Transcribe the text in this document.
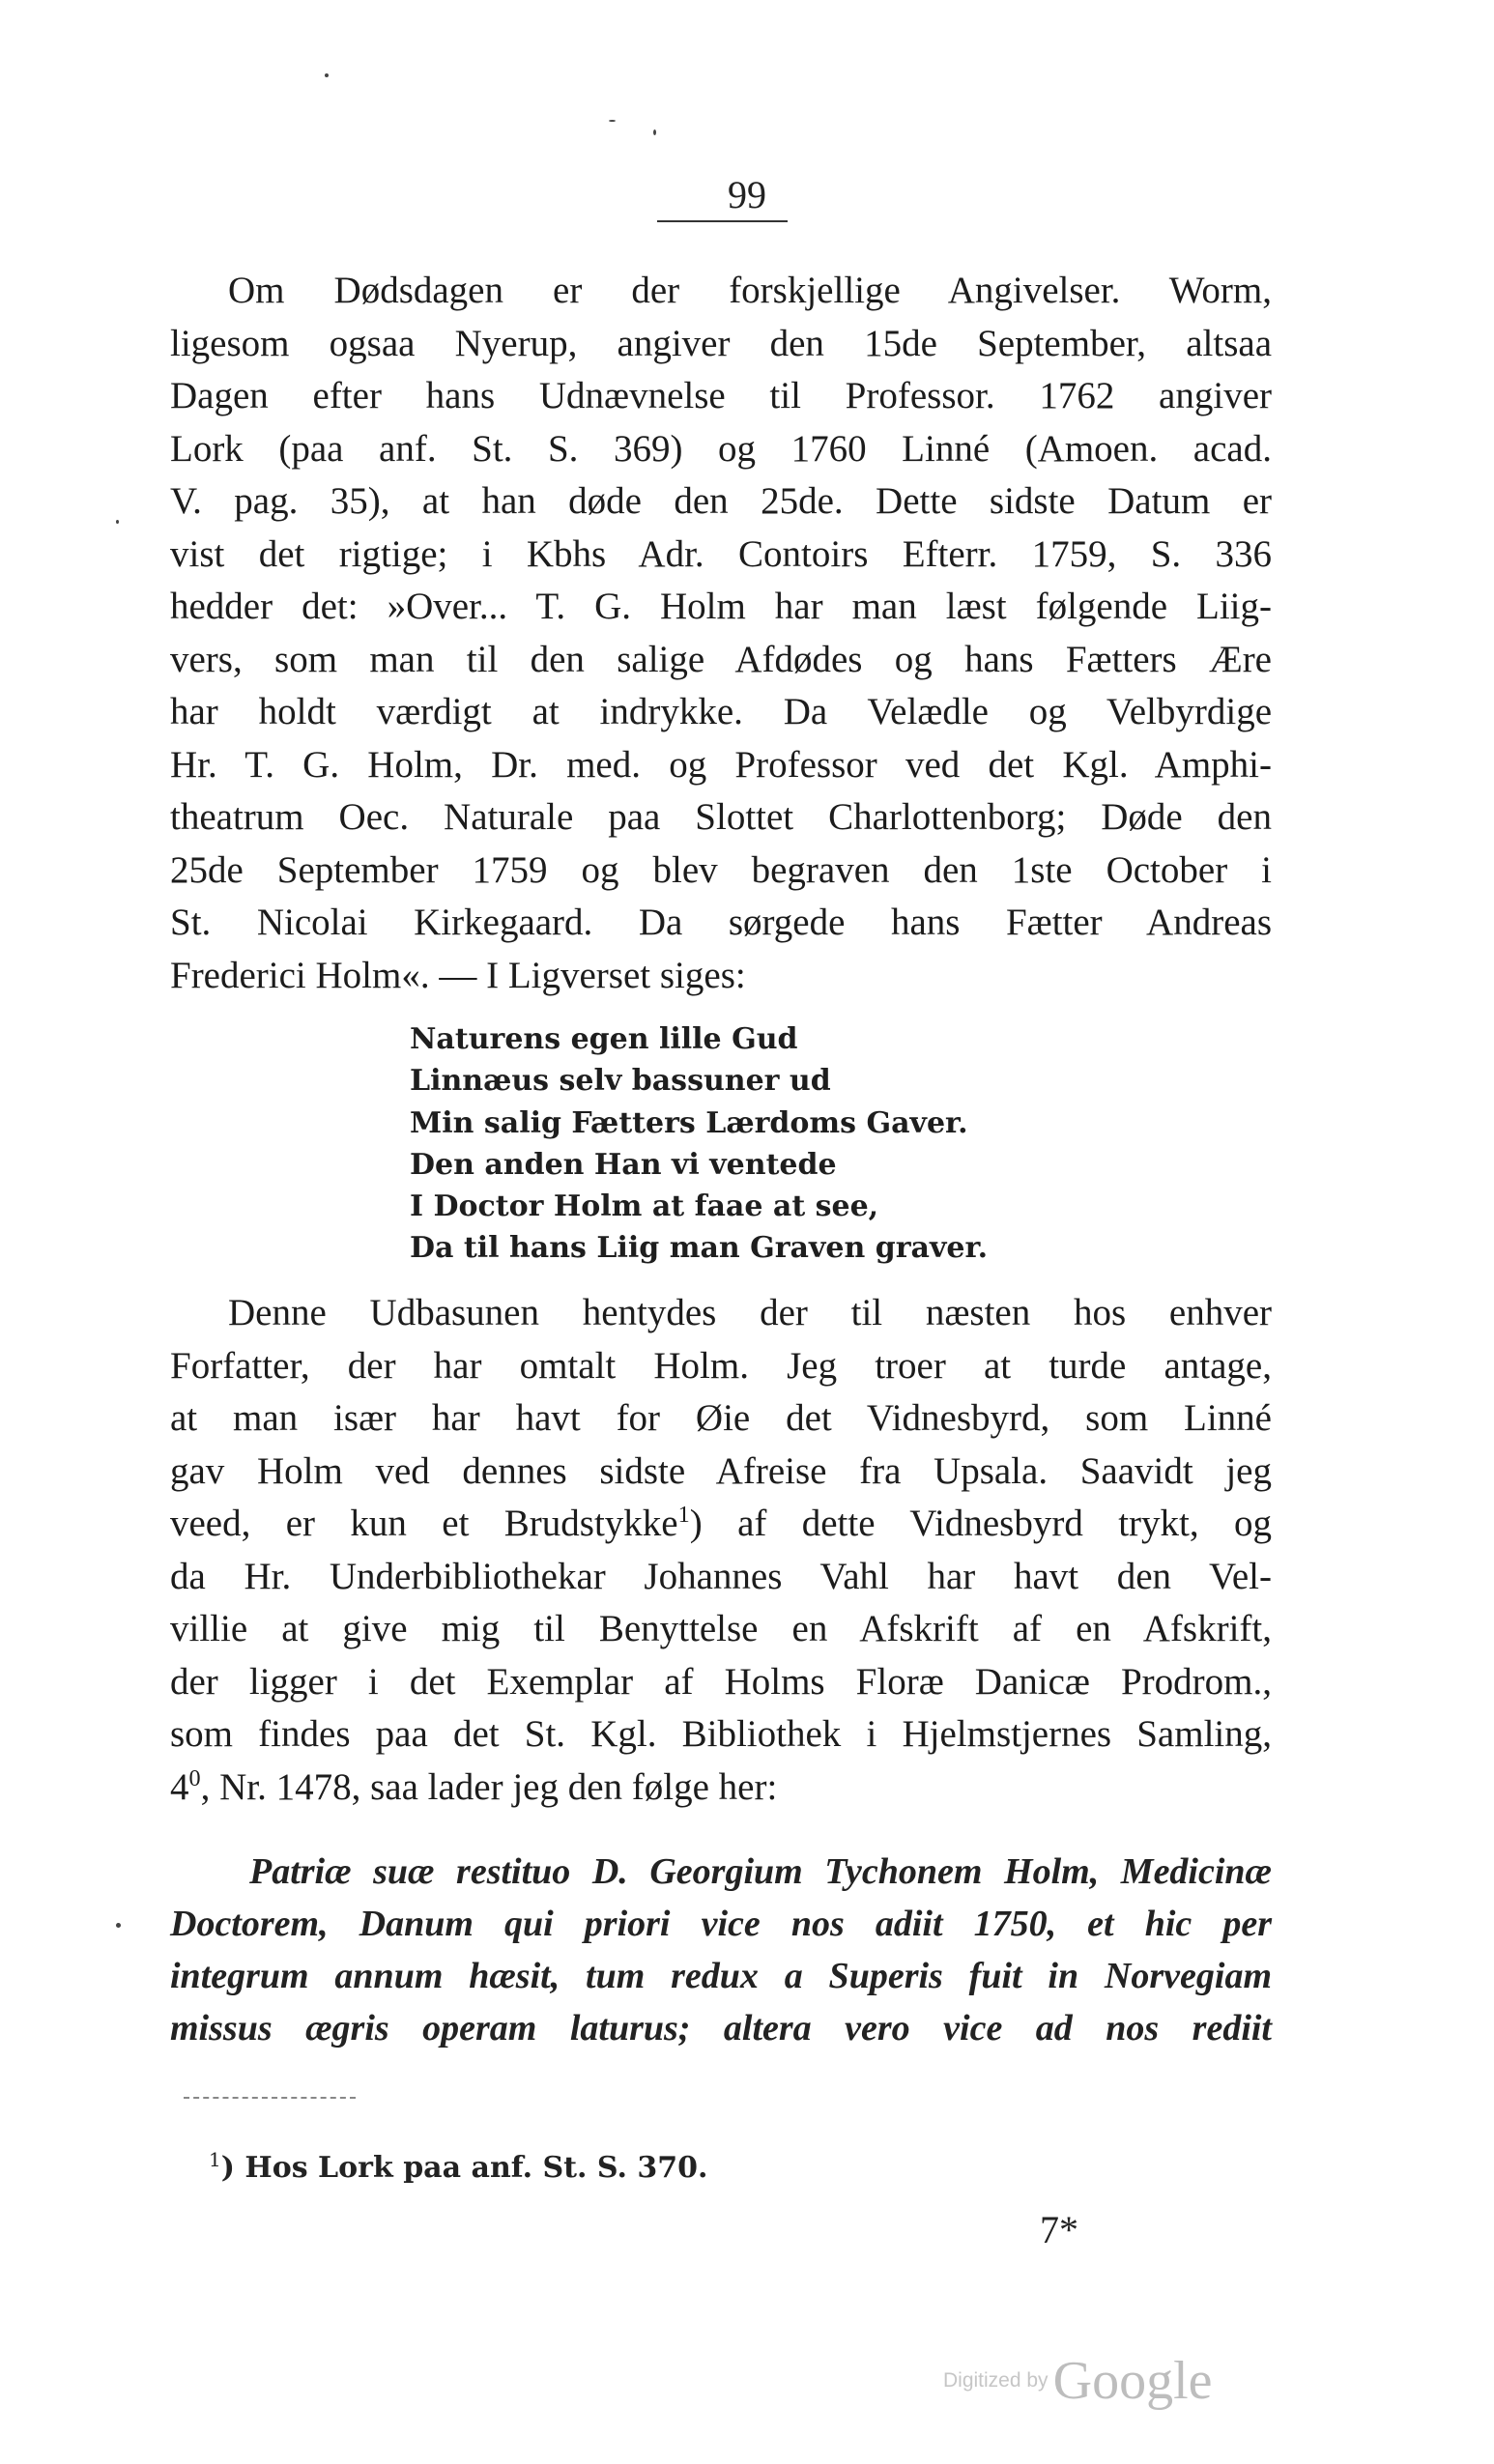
99
Om Dødsdagen er der forskjellige Angivelser. Worm,
ligesom ogsaa Nyerup, angiver den 15de September, altsaa
Dagen efter hans Udnævnelse til Professor. 1762 angiver
Lork (paa anf. St. S. 369) og 1760 Linné (Amoen. acad.
V. pag. 35), at han døde den 25de. Dette sidste Datum er
vist det rigtige; i Kbhs Adr. Contoirs Efterr. 1759, S. 336
hedder det: »Over... T. G. Holm har man læst følgende Liig-
vers, som man til den salige Afdødes og hans Fætters Ære
har holdt værdigt at indrykke. Da Velædle og Velbyrdige
Hr. T. G. Holm, Dr. med. og Professor ved det Kgl. Amphi-
theatrum Oec. Naturale paa Slottet Charlottenborg; Døde den
25de September 1759 og blev begraven den 1ste October i
St. Nicolai Kirkegaard. Da sørgede hans Fætter Andreas
Frederici Holm«. — I Ligverset siges:
Naturens egen lille Gud
Linnæus selv bassuner ud
Min salig Fætters Lærdoms Gaver.
Den anden Han vi ventede
I Doctor Holm at faae at see,
Da til hans Liig man Graven graver.
Denne Udbasunen hentydes der til næsten hos enhver
Forfatter, der har omtalt Holm. Jeg troer at turde antage,
at man især har havt for Øie det Vidnesbyrd, som Linné
gav Holm ved dennes sidste Afreise fra Upsala. Saavidt jeg
veed, er kun et Brudstykke$^1$) af dette Vidnesbyrd trykt, og
da Hr. Underbibliothekar Johannes Vahl har havt den Vel-
villie at give mig til Benyttelse en Afskrift af en Afskrift,
der ligger i det Exemplar af Holms Floræ Danicæ Prodrom.,
som findes paa det St. Kgl. Bibliothek i Hjelmstjernes Samling,
$4^0$, Nr. 1478, saa lader jeg den følge her:
Patriæ suæ restituo D. Georgium Tychonem Holm, Medicinæ
Doctorem, Danum qui priori vice nos adiit 1750, et hic per
integrum annum hæsit, tum redux a Superis fuit in Norvegiam
missus ægris operam laturus; altera vero vice ad nos rediit
$^1$) Hos Lork paa anf. St. S. 370.
7*
Digitized by Google
